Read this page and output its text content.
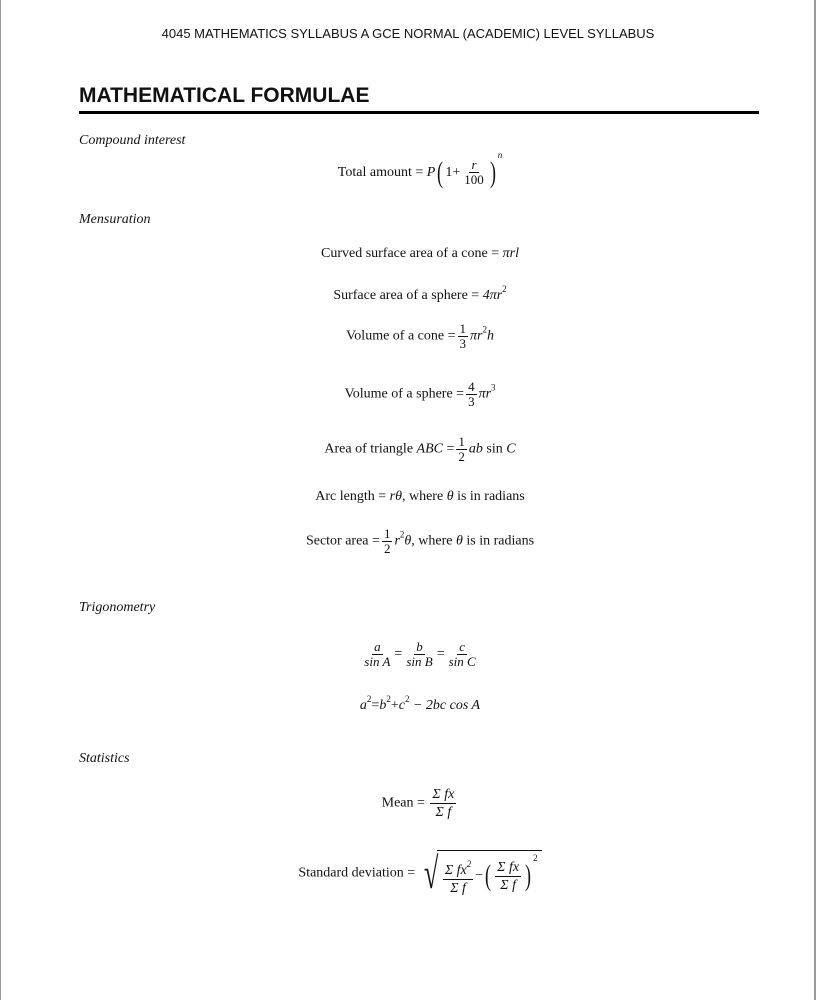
4045 MATHEMATICS SYLLABUS A GCE NORMAL (ACADEMIC) LEVEL SYLLABUS
MATHEMATICAL FORMULAE
Compound interest
Total amount = P( $1+ \frac{r}{100} )^n$
Mensuration
Curved surface area of a cone = πrl
Surface area of a sphere = $4\pi r^2$
Volume of a cone = $\frac{1}{3} \pi r^2h$
Volume of a sphere = $\frac{4}{3} \pi r^3$
Area of triangle ABC = $\frac{1}{2}$ ab sin C
Arc length = rθ, where θ is in radians
Sector area = $\frac{1}{2} r^2\theta$, where θ is in radians
Trigonometry
$\frac{a}{\text{sin A}} = \frac{b}{\text{sin B}} = \frac{c}{\text{sin C}}$
$a^2=b^2+c^2 - 2bc$ cos A
Statistics
Mean = $\frac{\text{Σ fx}}{\text{Σ f}}$
Standard deviation = √ $\frac{\Sigma fx^2}{\text{Σ f}}$ −( $\frac{\text{Σ fx}}{\text{Σ f}} )^2$
